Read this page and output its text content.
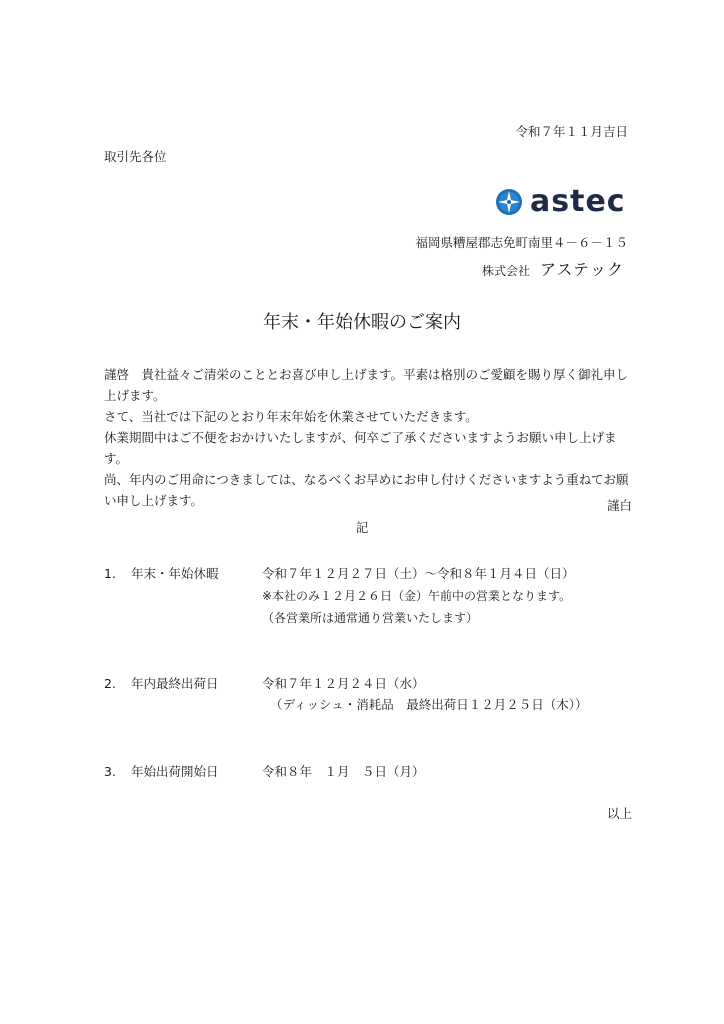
令和７年１１月吉日
取引先各位
astec
福岡県糟屋郡志免町南里４－６－１５
株式会社 アステック
年末・年始休暇のご案内

謹啓　貴社益々ご清栄のこととお喜び申し上げます。平素は格別のご愛顧を賜り厚く御礼申し上げます。

さて、当社では下記のとおり年末年始を休業させていただきます。

休業期間中はご不便をおかけいたしますが、何卒ご了承くださいますようお願い申し上げます。

尚、年内のご用命につきましては、なるべくお早めにお申し付けくださいますよう重ねてお願い申し上げます。	謹白
記
1. 年末・年始休暇	令和７年１２月２７日（土）～令和８年１月４日（日）
※本社のみ１２月２６日（金）午前中の営業となります。
（各営業所は通常通り営業いたします）
2. 年内最終出荷日	令和７年１２月２４日（水）
（ディッシュ・消耗品　最終出荷日１２月２５日（木））
3. 年始出荷開始日	令和８年　１月　５日（月）
以上
